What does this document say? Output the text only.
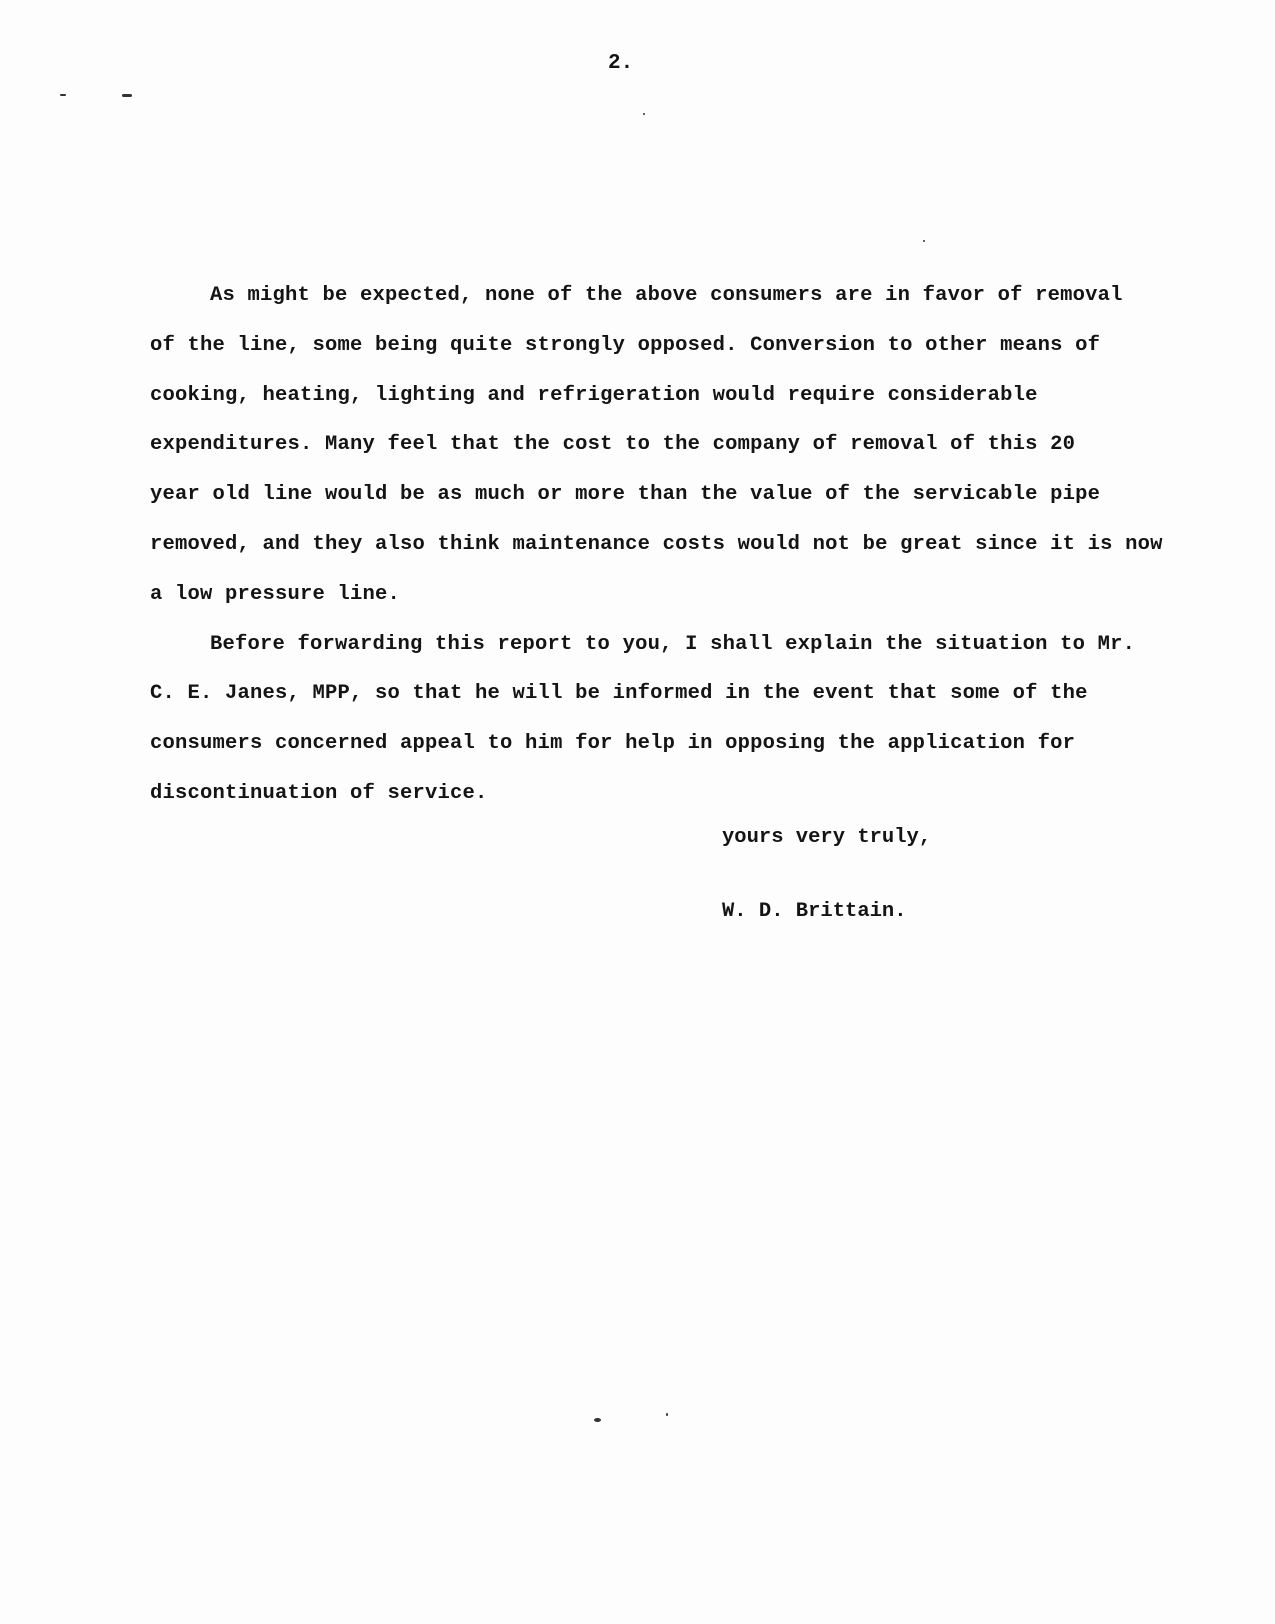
2.
As might be expected, none of the above consumers are in favor of removal
of the line, some being quite strongly opposed. Conversion to other means of
cooking, heating, lighting and refrigeration would require considerable
expenditures. Many feel that the cost to the company of removal of this 20
year old line would be as much or more than the value of the servicable pipe
removed, and they also think maintenance costs would not be great since it is now
a low pressure line.
Before forwarding this report to you, I shall explain the situation to Mr.
C. E. Janes, MPP, so that he will be informed in the event that some of the
consumers concerned appeal to him for help in opposing the application for
discontinuation of service.
yours very truly,
W. D. Brittain.
